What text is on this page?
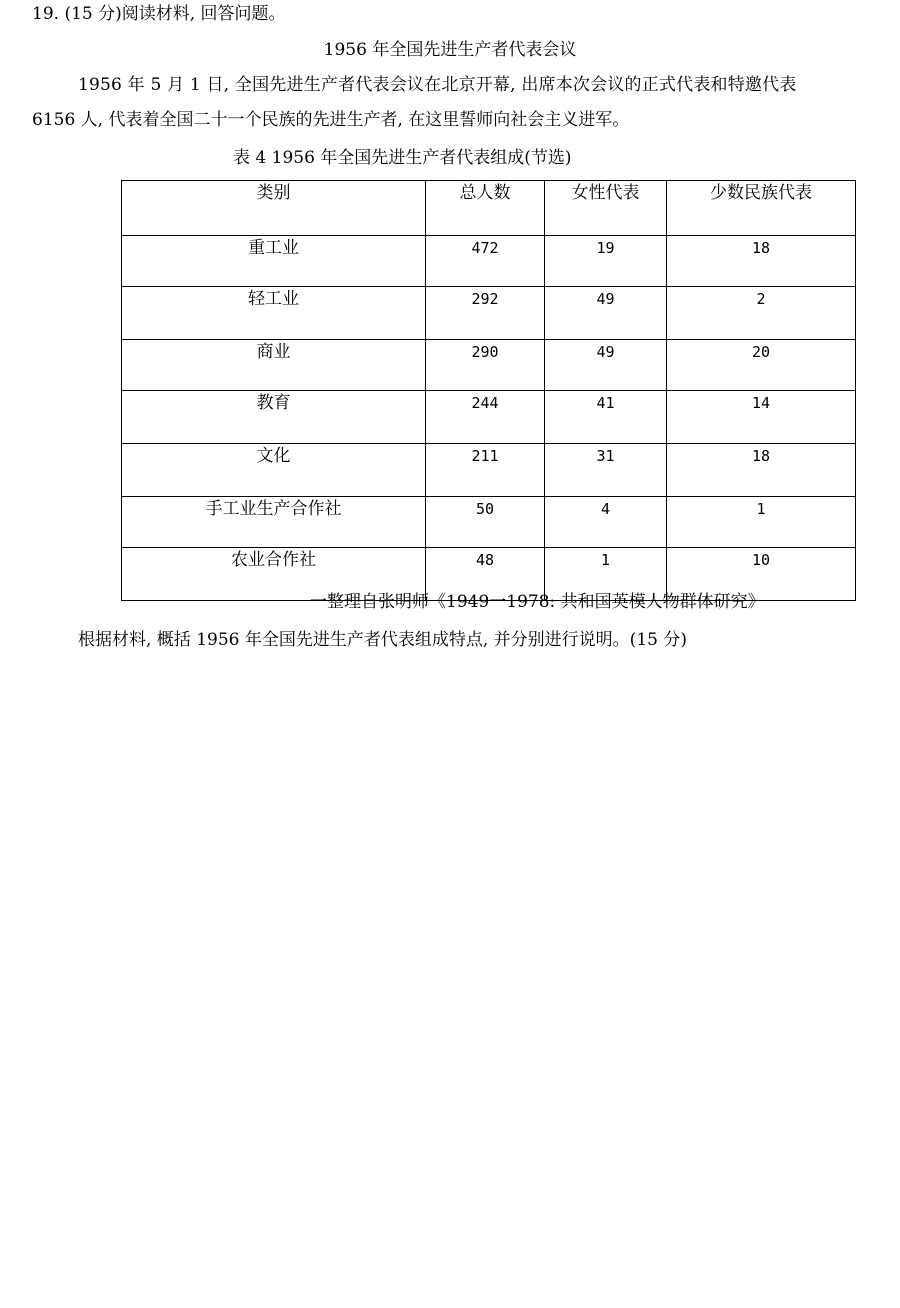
19. (15 分)阅读材料, 回答问题。
1956 年全国先进生产者代表会议
1956 年 5 月 1 日, 全国先进生产者代表会议在北京开幕, 出席本次会议的正式代表和特邀代表
6156 人, 代表着全国二十一个民族的先进生产者, 在这里誓师向社会主义进军。
表 4 1956 年全国先进生产者代表组成(节选)
类别	总人数	女性代表	少数民族代表
重工业	472	19	18
轻工业	292	49	2
商业	290	49	20
教育	244	41	14
文化	211	31	18
手工业生产合作社	50	4	1
农业合作社	48	1	10
一整理自张明师《1949一1978: 共和国英模人物群体研究》
根据材料, 概括 1956 年全国先进生产者代表组成特点, 并分别进行说明。(15 分)
